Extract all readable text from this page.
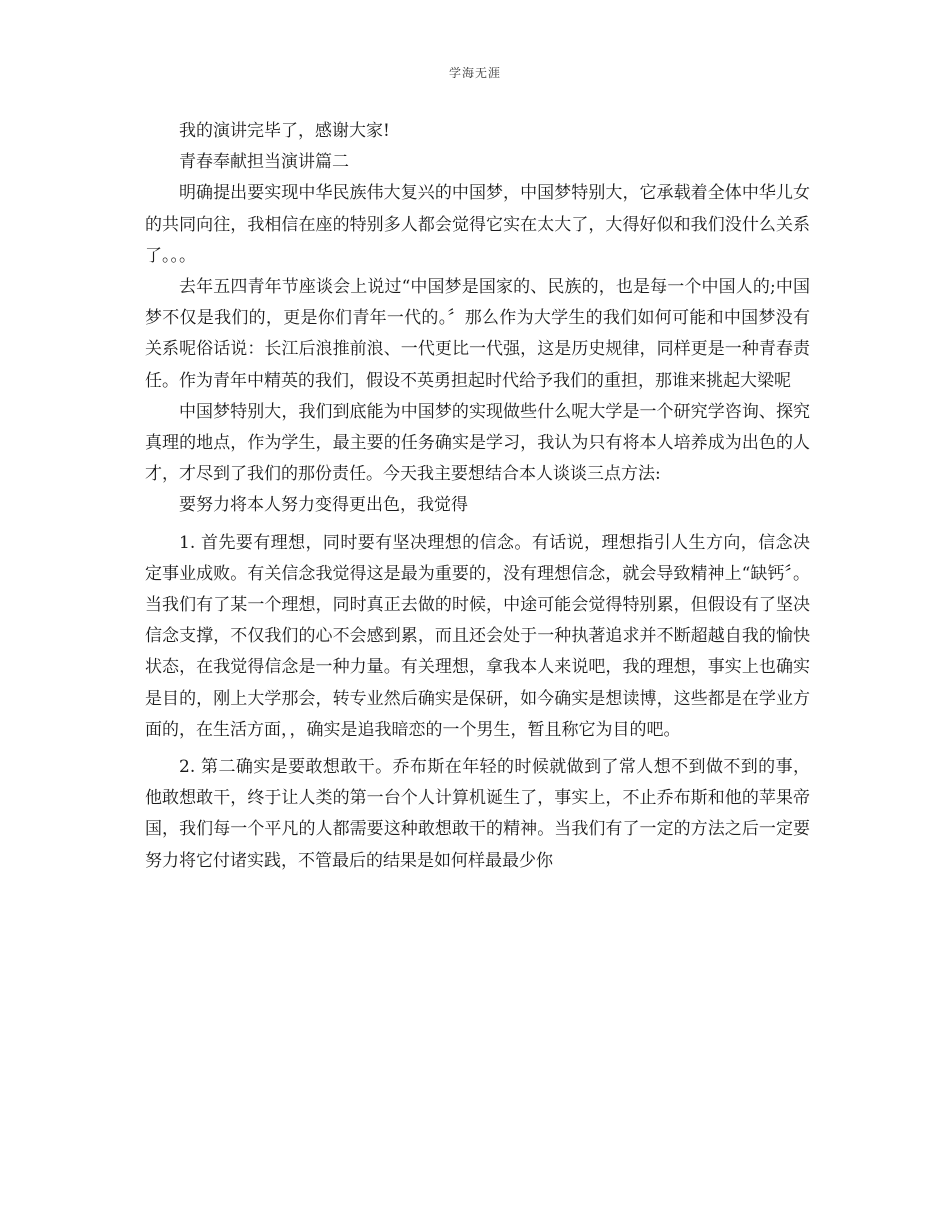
学海无涯

我的演讲完毕了，感谢大家!

青春奉献担当演讲篇二

明确提出要实现中华民族伟大复兴的中国梦，中国梦特别大，它承载着全体中华儿女的共同向往，我相信在座的特别多人都会觉得它实在太大了，大得好似和我们没什么关系了。。。

去年五四青年节座谈会上说过“中国梦是国家的、民族的，也是每一个中国人的;中国梦不仅是我们的，更是你们青年一代的。〞那么作为大学生的我们如何可能和中国梦没有关系呢俗话说：长江后浪推前浪、一代更比一代强，这是历史规律，同样更是一种青春责任。作为青年中精英的我们，假设不英勇担起时代给予我们的重担，那谁来挑起大梁呢

中国梦特别大，我们到底能为中国梦的实现做些什么呢大学是一个研究学咨询、探究真理的地点，作为学生，最主要的任务确实是学习，我认为只有将本人培养成为出色的人才，才尽到了我们的那份责任。今天我主要想结合本人谈谈三点方法:

要努力将本人努力变得更出色，我觉得

1. 首先要有理想，同时要有坚决理想的信念。有话说，理想指引人生方向，信念决定事业成败。有关信念我觉得这是最为重要的，没有理想信念，就会导致精神上“缺钙〞。当我们有了某一个理想，同时真正去做的时候，中途可能会觉得特别累，但假设有了坚决信念支撑，不仅我们的心不会感到累，而且还会处于一种执著追求并不断超越自我的愉快状态，在我觉得信念是一种力量。有关理想，拿我本人来说吧，我的理想，事实上也确实是目的，刚上大学那会，转专业然后确实是保研，如今确实是想读博，这些都是在学业方面的，在生活方面，，确实是追我暗恋的一个男生，暂且称它为目的吧。

2. 第二确实是要敢想敢干。乔布斯在年轻的时候就做到了常人想不到做不到的事，他敢想敢干，终于让人类的第一台个人计算机诞生了，事实上，不止乔布斯和他的苹果帝国，我们每一个平凡的人都需要这种敢想敢干的精神。当我们有了一定的方法之后一定要努力将它付诸实践，不管最后的结果是如何样最最少你
